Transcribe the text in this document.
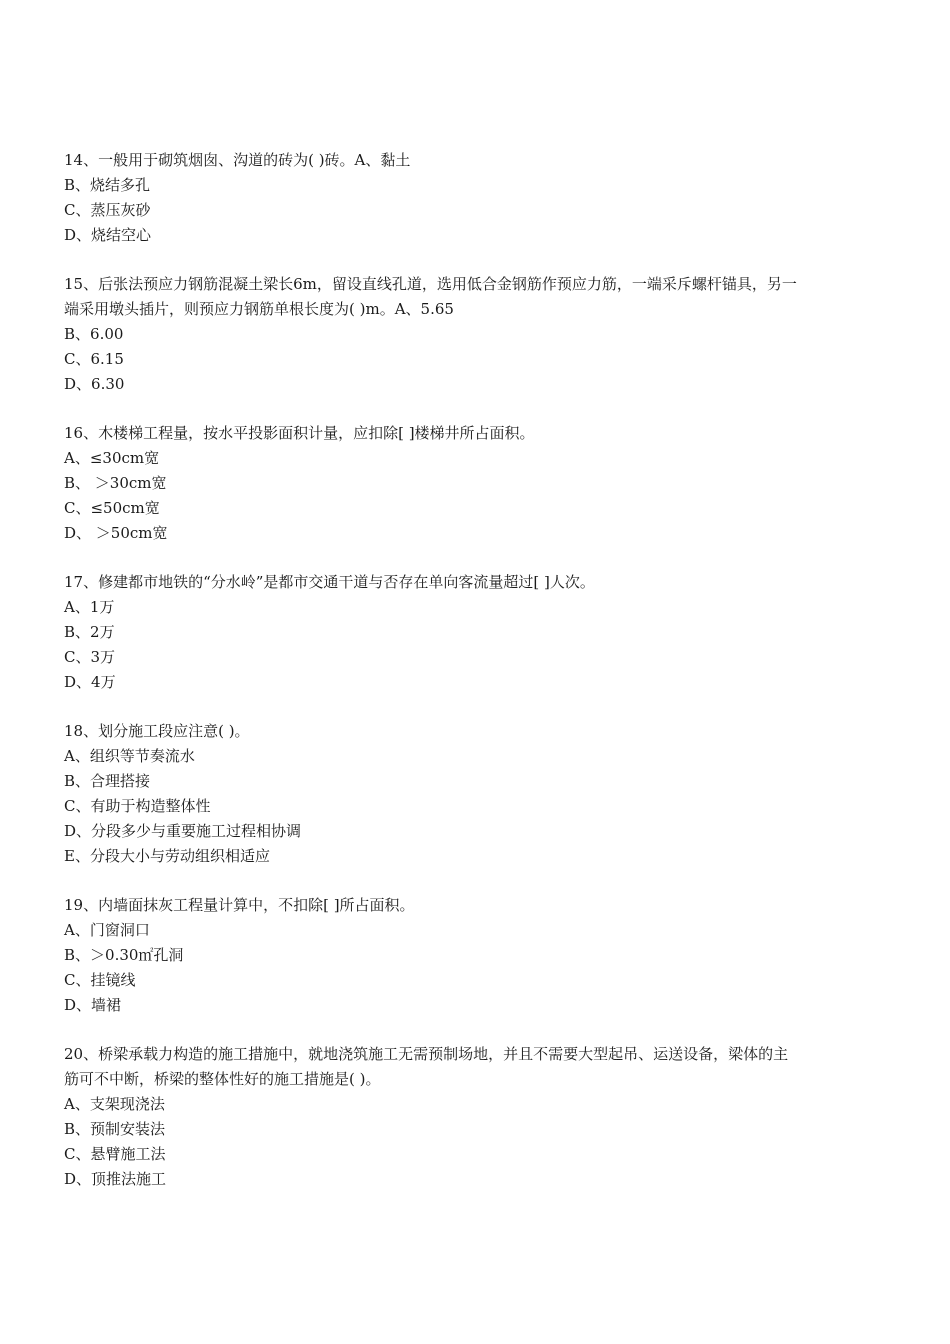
14、一般用于砌筑烟囱、沟道的砖为( )砖。A、黏土

B、烧结多孔

C、蒸压灰砂

D、烧结空心

15、后张法预应力钢筋混凝土梁长6m，留设直线孔道，选用低合金钢筋作预应力筋，一端采斥螺杆锚具，另一

端采用墩头插片，则预应力钢筋单根长度为( )m。A、5.65

B、6.00

C、6.15

D、6.30

16、木楼梯工程量，按水平投影面积计量，应扣除[ ]楼梯井所占面积。

A、≤30cm宽

B、 ＞30cm宽

C、≤50cm宽

D、 ＞50cm宽

17、修建都市地铁的“分水岭”是都市交通干道与否存在单向客流量超过[ ]人次。

A、1万

B、2万

C、3万

D、4万

18、划分施工段应注意( )。

A、组织等节奏流水

B、合理搭接

C、有助于构造整体性

D、分段多少与重要施工过程相协调

E、分段大小与劳动组织相适应

19、内墙面抹灰工程量计算中，不扣除[ ]所占面积。

A、门窗洞口

B、＞0.30㎡孔洞

C、挂镜线

D、墙裙

20、桥梁承载力构造的施工措施中，就地浇筑施工无需预制场地，并且不需要大型起吊、运送设备，梁体的主

筋可不中断，桥梁的整体性好的施工措施是( )。

A、支架现浇法

B、预制安装法

C、悬臂施工法

D、顶推法施工
